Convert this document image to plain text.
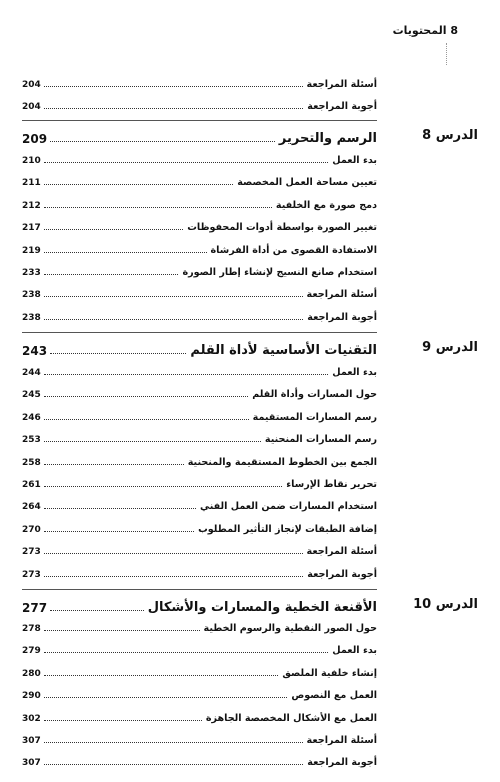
8 المحتويات
أسئلة المراجعة
204
أجوبة المراجعة
204
الدرس 8
الرسم والتحرير
209
الدرس 9
التقنيات الأساسية لأداة القلم
243
الدرس 10
الأقنعة الخطية والمسارات والأشكال
277
بدء العمل
210
تعيين مساحة العمل المخصصة
211
دمج صورة مع الخلفية
212
تغيير الصورة بواسطة أدوات المحفوظات
217
الاستفادة القصوى من أداة الفرشاة
219
استخدام صانع النسيج لإنشاء إطار الصورة
233
أسئلة المراجعة
238
أجوبة المراجعة
238
بدء العمل
244
حول المسارات وأداة القلم
245
رسم المسارات المستقيمة
246
رسم المسارات المنحنية
253
الجمع بين الخطوط المستقيمة والمنحنية
258
تحرير نقاط الإرساء
261
استخدام المسارات ضمن العمل الفني
264
إضافة الطبقات لإنجاز التأثير المطلوب
270
أسئلة المراجعة
273
أجوبة المراجعة
273
حول الصور النقطية والرسوم الخطية
278
بدء العمل
279
إنشاء خلفية الملصق
280
العمل مع النصوص
290
العمل مع الأشكال المخصصة الجاهزة
302
أسئلة المراجعة
307
أجوبة المراجعة
307
